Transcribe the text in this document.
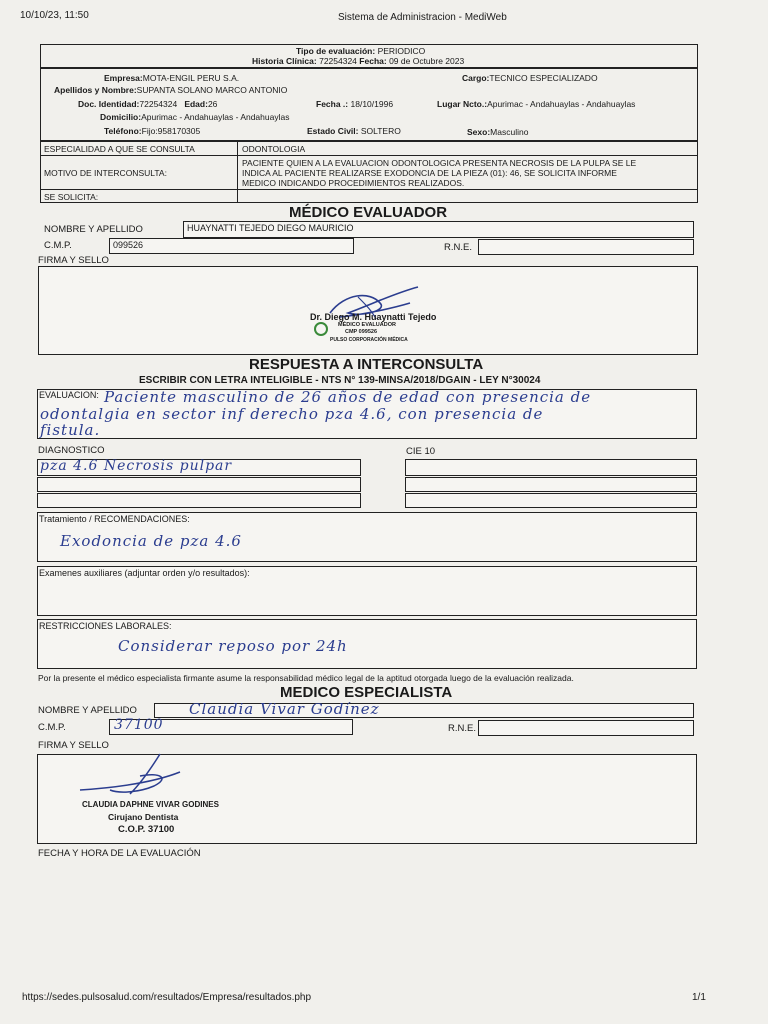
10/10/23, 11:50	Sistema de Administracion - MediWeb
Tipo de evaluación: PERIODICO
Historia Clínica: 72254324 Fecha: 09 de Octubre 2023
Empresa:MOTA-ENGIL PERU S.A.	Cargo:TECNICO ESPECIALIZADO
Apellidos y Nombre:SUPANTA SOLANO MARCO ANTONIO
Doc. Identidad:72254324 Edad:26	Fecha .: 18/10/1996	Lugar Ncto.:Apurimac - Andahuaylas - Andahuaylas
Domicilio:Apurimac - Andahuaylas - Andahuaylas
Teléfono:Fijo:958170305	Estado Civil: SOLTERO	Sexo:Masculino
ESPECIALIDAD A QUE SE CONSULTA	ODONTOLOGIA
MOTIVO DE INTERCONSULTA:
PACIENTE QUIEN A LA EVALUACION ODONTOLOGICA PRESENTA NECROSIS DE LA PULPA SE LE
INDICA AL PACIENTE REALIZARSE EXODONCIA DE LA PIEZA (01): 46, SE SOLICITA INFORME
MEDICO INDICANDO PROCEDIMIENTOS REALIZADOS.
SE SOLICITA:
MÉDICO EVALUADOR
NOMBRE Y APELLIDO	HUAYNATTI TEJEDO DIEGO MAURICIO
C.M.P.	099526	R.N.E.
FIRMA Y SELLO
Dr. Diego M. Huaynatti Tejedo
MÉDICO EVALUADOR
CMP 099526
PULSO CORPORACIÓN MÉDICA
RESPUESTA A INTERCONSULTA
ESCRIBIR CON LETRA INTELIGIBLE - NTS N° 139-MINSA/2018/DGAIN - LEY N°30024
EVALUACION: Paciente masculino de 26 años de edad con presencia de
odontalgia en sector inf derecho pza 4.6, con presencia de
fistula.
DIAGNOSTICO	CIE 10
pza 4.6 Necrosis pulpar
Tratamiento / RECOMENDACIONES:
Exodoncia de pza 4.6
Examenes auxiliares (adjuntar orden y/o resultados):
RESTRICCIONES LABORALES:
Considerar reposo por 24h
Por la presente el médico especialista firmante asume la responsabilidad médico legal de la aptitud otorgada luego de la evaluación realizada.
MEDICO ESPECIALISTA
NOMBRE Y APELLIDO	Claudia Vivar Godínez
C.M.P.	37100	R.N.E.
FIRMA Y SELLO
CLAUDIA DAPHNE VIVAR GODINES
Cirujano Dentista
C.O.P. 37100
FECHA Y HORA DE LA EVALUACIÓN
https://sedes.pulsosalud.com/resultados/Empresa/resultados.php	1/1
